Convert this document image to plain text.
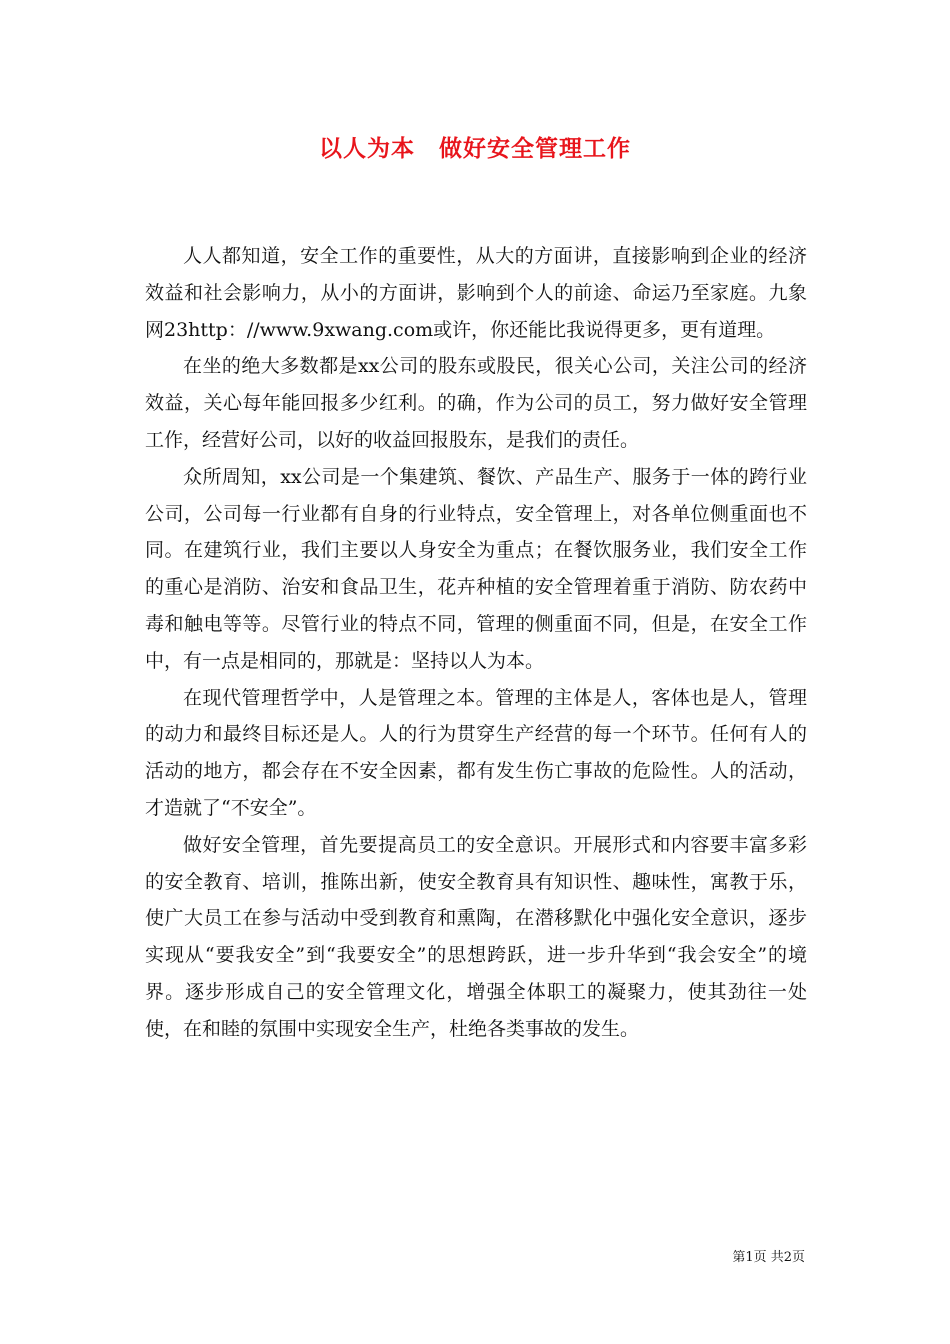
以人为本　做好安全管理工作

人人都知道，安全工作的重要性，从大的方面讲，直接影响到企业的经济效益和社会影响力，从小的方面讲，影响到个人的前途、命运乃至家庭。九象网23http：//www.9xwang.com或许，你还能比我说得更多，更有道理。

在坐的绝大多数都是xx公司的股东或股民，很关心公司，关注公司的经济效益，关心每年能回报多少红利。的确，作为公司的员工，努力做好安全管理工作，经营好公司，以好的收益回报股东，是我们的责任。

众所周知，xx公司是一个集建筑、餐饮、产品生产、服务于一体的跨行业公司，公司每一行业都有自身的行业特点，安全管理上，对各单位侧重面也不同。在建筑行业，我们主要以人身安全为重点；在餐饮服务业，我们安全工作的重心是消防、治安和食品卫生，花卉种植的安全管理着重于消防、防农药中毒和触电等等。尽管行业的特点不同，管理的侧重面不同，但是，在安全工作中，有一点是相同的，那就是：坚持以人为本。

在现代管理哲学中，人是管理之本。管理的主体是人，客体也是人，管理的动力和最终目标还是人。人的行为贯穿生产经营的每一个环节。任何有人的活动的地方，都会存在不安全因素，都有发生伤亡事故的危险性。人的活动，才造就了“不安全”。

做好安全管理，首先要提高员工的安全意识。开展形式和内容要丰富多彩的安全教育、培训，推陈出新，使安全教育具有知识性、趣味性，寓教于乐，使广大员工在参与活动中受到教育和熏陶，在潜移默化中强化安全意识，逐步实现从“要我安全”到“我要安全”的思想跨跃，进一步升华到“我会安全”的境界。逐步形成自己的安全管理文化，增强全体职工的凝聚力，使其劲往一处使，在和睦的氛围中实现安全生产，杜绝各类事故的发生。

第1页 共2页
